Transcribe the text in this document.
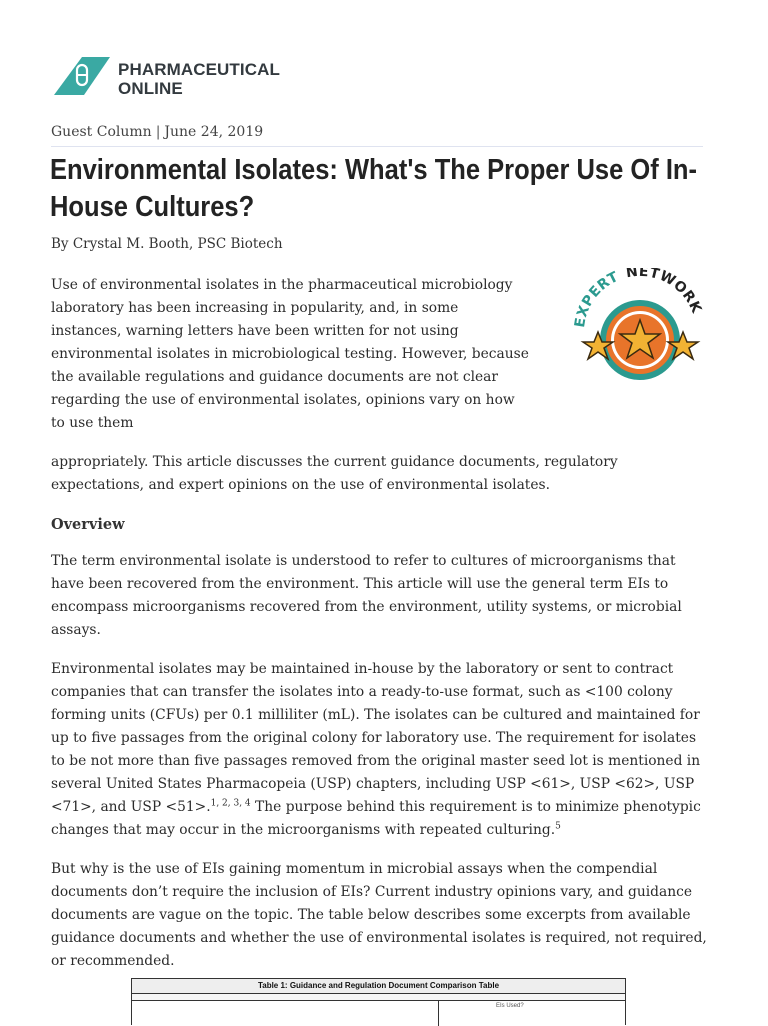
PHARMACEUTICAL
ONLINE
Guest Column | June 24, 2019
Environmental Isolates: What's The Proper Use Of In-House Cultures?
By Crystal M. Booth, PSC Biotech
EXPERT NETWORK

Use of environmental isolates in the pharmaceutical microbiology laboratory has been increasing in popularity, and, in some instances, warning letters have been written for not using environmental isolates in microbiological testing. However, because the available regulations and guidance documents are not clear regarding the use of environmental isolates, opinions vary on how to use them

appropriately. This article discusses the current guidance documents, regulatory expectations, and expert opinions on the use of environmental isolates.

Overview

The term environmental isolate is understood to refer to cultures of microorganisms that have been recovered from the environment. This article will use the general term EIs to encompass microorganisms recovered from the environment, utility systems, or microbial assays.

Environmental isolates may be maintained in-house by the laboratory or sent to contract companies that can transfer the isolates into a ready-to-use format, such as <100 colony forming units (CFUs) per 0.1 milliliter (mL). The isolates can be cultured and maintained for up to five passages from the original colony for laboratory use. The requirement for isolates to be not more than five passages removed from the original master seed lot is mentioned in several United States Pharmacopeia (USP) chapters, including USP <61>, USP <62>, USP <71>, and USP <51>.$^{1, 2, 3, 4}$ The purpose behind this requirement is to minimize phenotypic changes that may occur in the microorganisms with repeated culturing.$^5$

But why is the use of EIs gaining momentum in microbial assays when the compendial documents don’t require the inclusion of EIs? Current industry opinions vary, and guidance documents are vague on the topic. The table below describes some excerpts from available guidance documents and whether the use of environmental isolates is required, not required, or recommended.

Table 1: Guidance and Regulation Document Comparison Table
EIs Used?
